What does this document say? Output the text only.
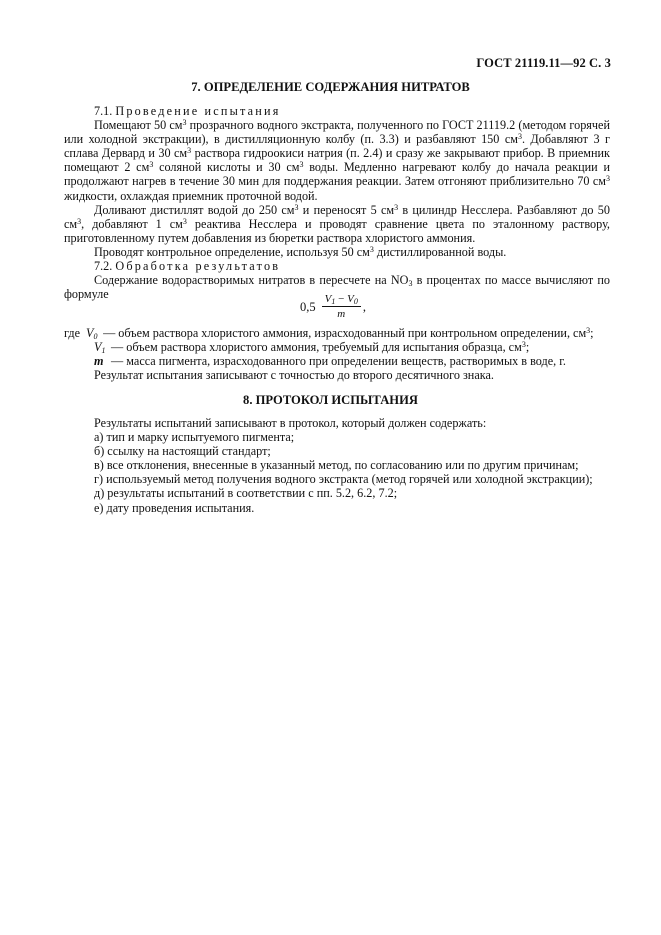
ГОСТ 21119.11—92 С. 3
7. ОПРЕДЕЛЕНИЕ СОДЕРЖАНИЯ НИТРАТОВ

7.1. Проведение испытания

Помещают 50 $см^3$ прозрачного водного экстракта, полученного по ГОСТ 21119.2 (методом горячей или холодной экстракции), в дистилляционную колбу (п. 3.3) и разбавляют 150 $см^3$. Добавляют 3 г сплава Дервард и 30 $см^3$ раствора гидроокиси натрия (п. 2.4) и сразу же закрывают прибор. В приемник помещают 2 $см^3$ соляной кислоты и 30 $см^3$ воды. Медленно нагревают колбу до начала реакции и продолжают нагрев в течение 30 мин для поддержания реакции. Затем отгоняют приблизительно 70 $см^3$ жидкости, охлаждая приемник проточной водой.

Доливают дистиллят водой до 250 $см^3$ и переносят 5 $см^3$ в цилиндр Несслера. Разбавляют до 50 $см^3$, добавляют 1 $см^3$ реактива Несслера и проводят сравнение цвета по эталонному раствору, приготовленному путем добавления из бюретки раствора хлористого аммония.

Проводят контрольное определение, используя 50 $см^3$ дистиллированной воды.

7.2. Обработка результатов

Содержание водорастворимых нитратов в пересчете на $NO_3$ в процентах по массе вычисляют по формуле

$0,5 \frac{V_1 - V_0}{m}$ ,
где $V_0$ — объем раствора хлористого аммония, израсходованный при контрольном определении, $см^3$;
$V_1$ — объем раствора хлористого аммония, требуемый для испытания образца, $см^3$;
m — масса пигмента, израсходованного при определении веществ, растворимых в воде, г.

Результат испытания записывают с точностью до второго десятичного знака.

8. ПРОТОКОЛ ИСПЫТАНИЯ

Результаты испытаний записывают в протокол, который должен содержать:

а) тип и марку испытуемого пигмента;

б) ссылку на настоящий стандарт;

в) все отклонения, внесенные в указанный метод, по согласованию или по другим причинам;

г) используемый метод получения водного экстракта (метод горячей или холодной экстракции);

д) результаты испытаний в соответствии с пп. 5.2, 6.2, 7.2;

е) дату проведения испытания.
